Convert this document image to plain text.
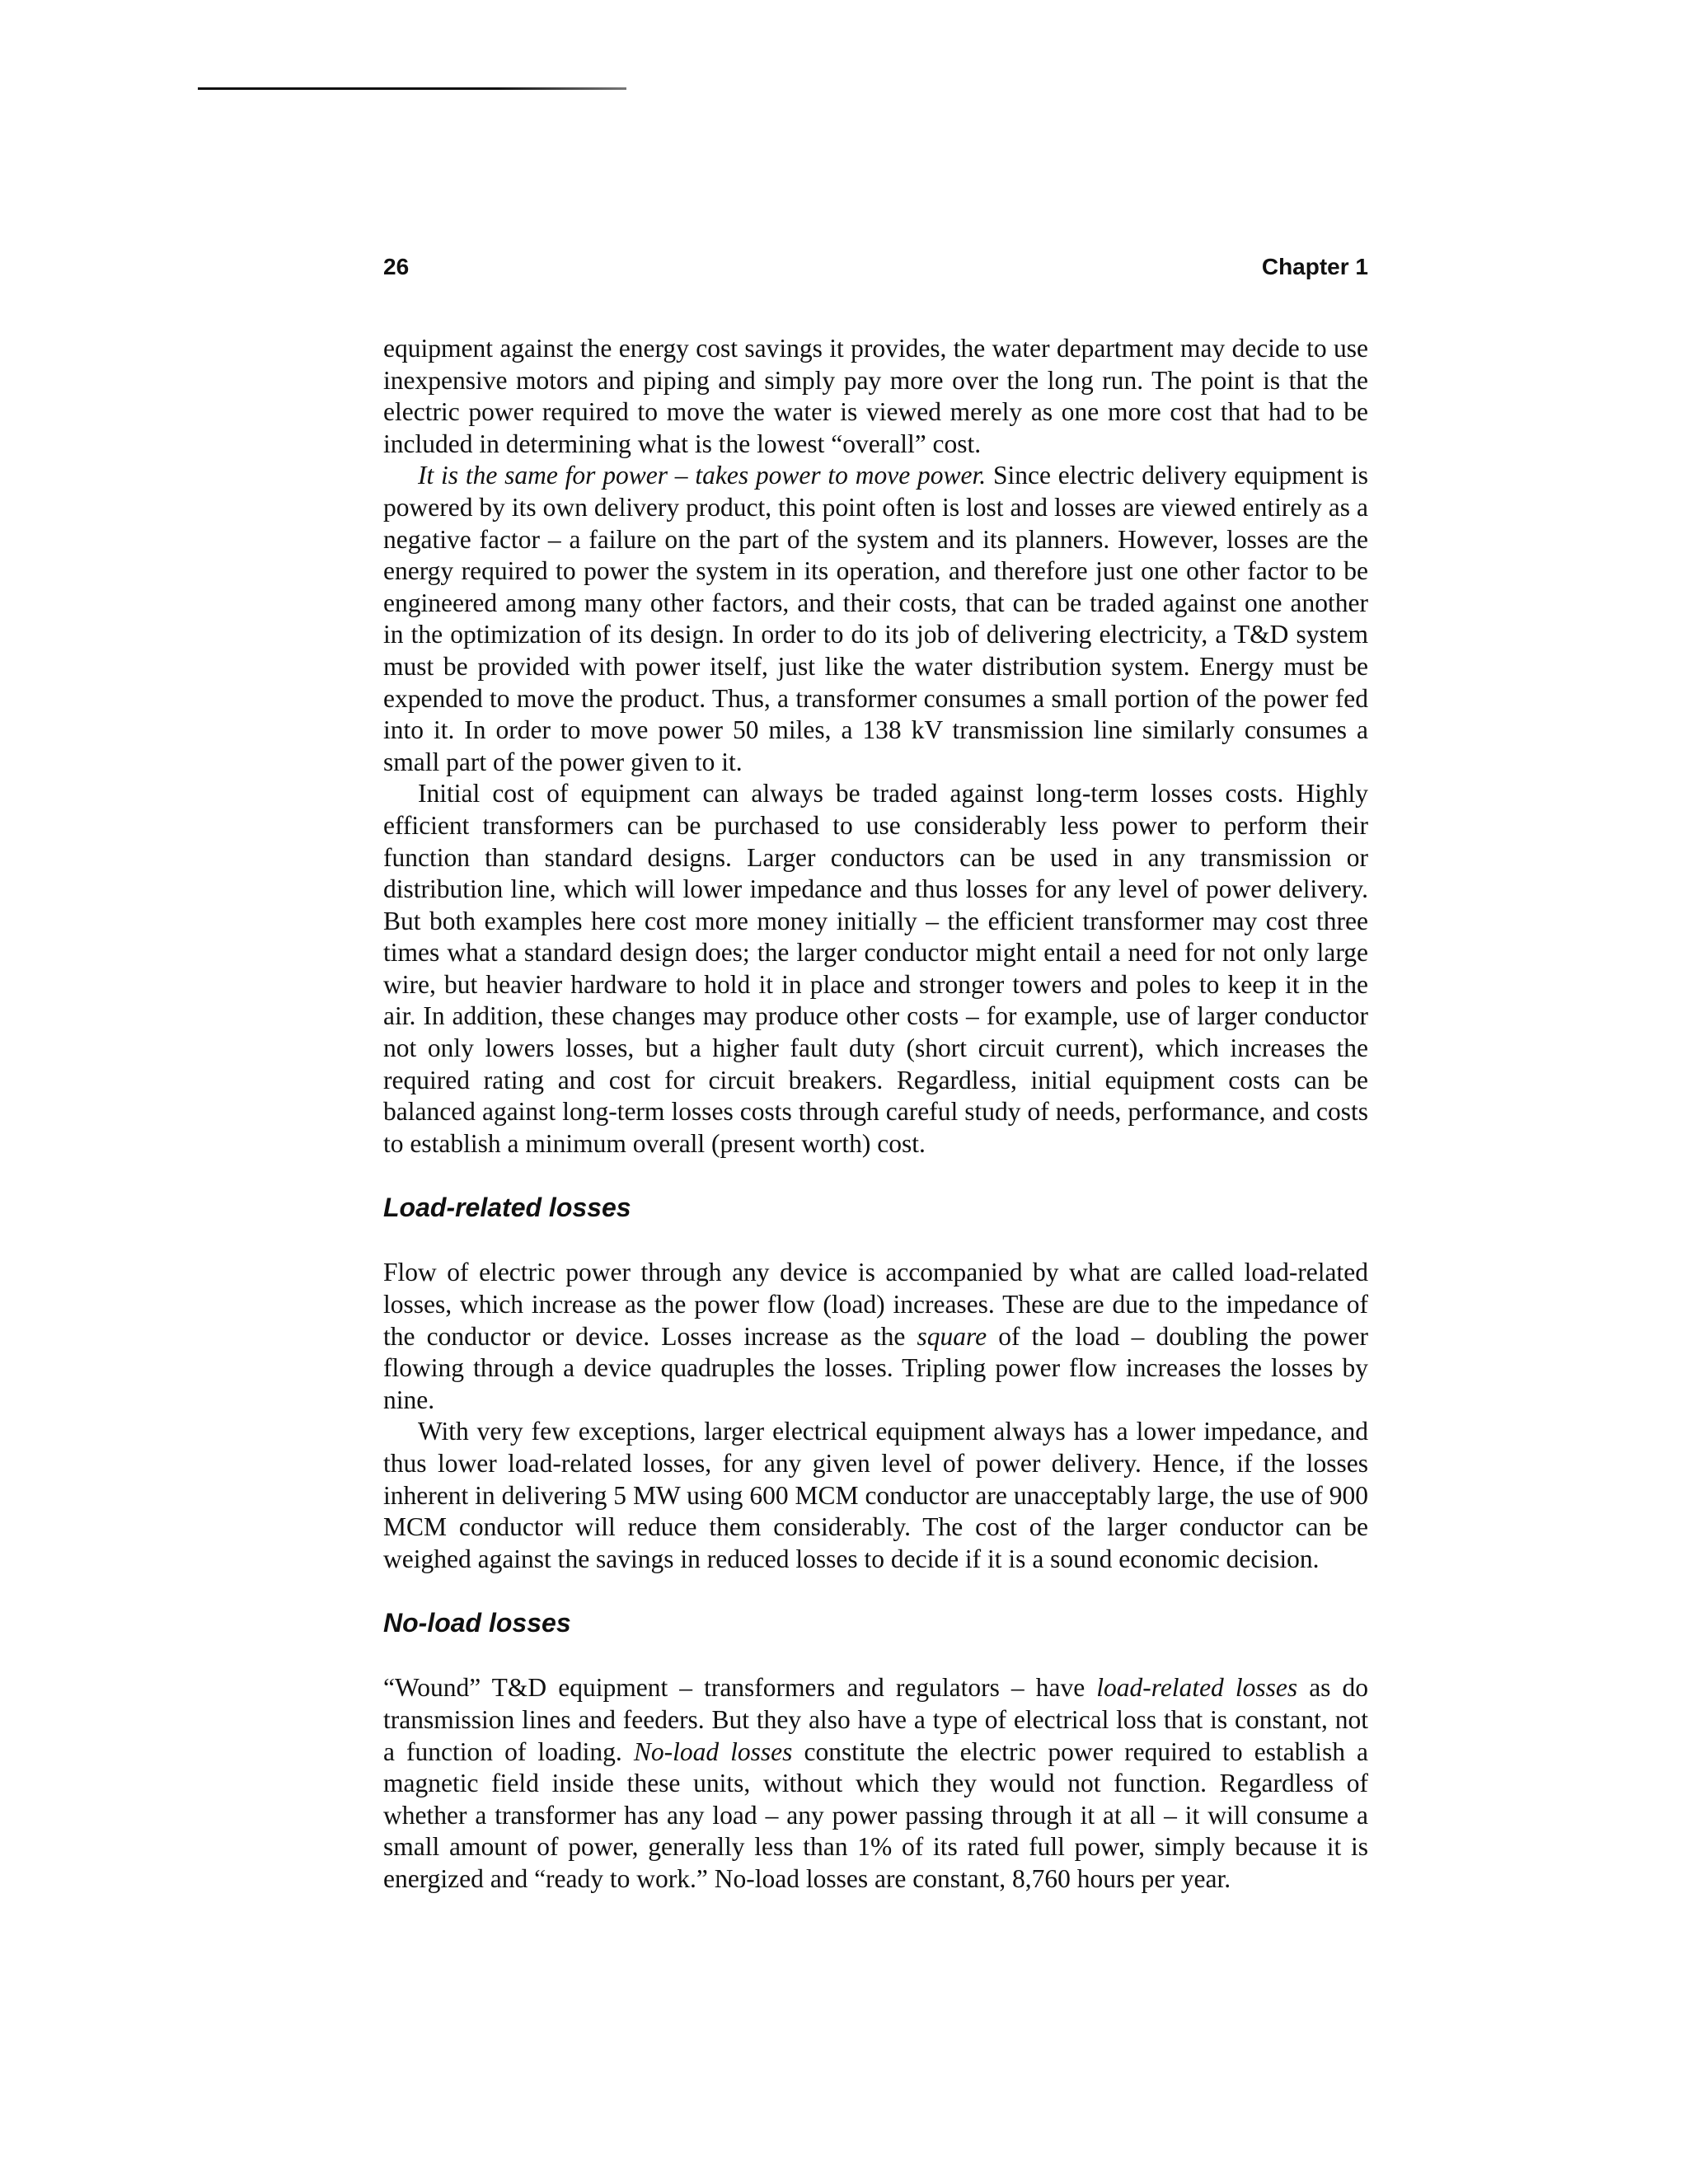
26	Chapter 1

equipment against the energy cost savings it provides, the water department may decide to use inexpensive motors and piping and simply pay more over the long run. The point is that the electric power required to move the water is viewed merely as one more cost that had to be included in determining what is the lowest “overall” cost.

It is the same for power – takes power to move power. Since electric delivery equipment is powered by its own delivery product, this point often is lost and losses are viewed entirely as a negative factor – a failure on the part of the system and its planners. However, losses are the energy required to power the system in its operation, and therefore just one other factor to be engineered among many other factors, and their costs, that can be traded against one another in the optimization of its design. In order to do its job of delivering electricity, a T&D system must be provided with power itself, just like the water distribution system. Energy must be expended to move the product. Thus, a transformer consumes a small portion of the power fed into it. In order to move power 50 miles, a 138 kV transmission line similarly consumes a small part of the power given to it.

Initial cost of equipment can always be traded against long-term losses costs. Highly efficient transformers can be purchased to use considerably less power to perform their function than standard designs. Larger conductors can be used in any transmission or distribution line, which will lower impedance and thus losses for any level of power delivery. But both examples here cost more money initially – the efficient transformer may cost three times what a standard design does; the larger conductor might entail a need for not only large wire, but heavier hardware to hold it in place and stronger towers and poles to keep it in the air. In addition, these changes may produce other costs – for example, use of larger conductor not only lowers losses, but a higher fault duty (short circuit current), which increases the required rating and cost for circuit breakers. Regardless, initial equipment costs can be balanced against long-term losses costs through careful study of needs, performance, and costs to establish a minimum overall (present worth) cost.

Load-related losses

Flow of electric power through any device is accompanied by what are called load-related losses, which increase as the power flow (load) increases. These are due to the impedance of the conductor or device. Losses increase as the square of the load – doubling the power flowing through a device quadruples the losses. Tripling power flow increases the losses by nine.

With very few exceptions, larger electrical equipment always has a lower impedance, and thus lower load-related losses, for any given level of power delivery. Hence, if the losses inherent in delivering 5 MW using 600 MCM conductor are unacceptably large, the use of 900 MCM conductor will reduce them considerably. The cost of the larger conductor can be weighed against the savings in reduced losses to decide if it is a sound economic decision.

No-load losses

“Wound” T&D equipment – transformers and regulators – have load-related losses as do transmission lines and feeders. But they also have a type of electrical loss that is constant, not a function of loading. No-load losses constitute the electric power required to establish a magnetic field inside these units, without which they would not function. Regardless of whether a transformer has any load – any power passing through it at all – it will consume a small amount of power, generally less than 1% of its rated full power, simply because it is energized and “ready to work.” No-load losses are constant, 8,760 hours per year.
